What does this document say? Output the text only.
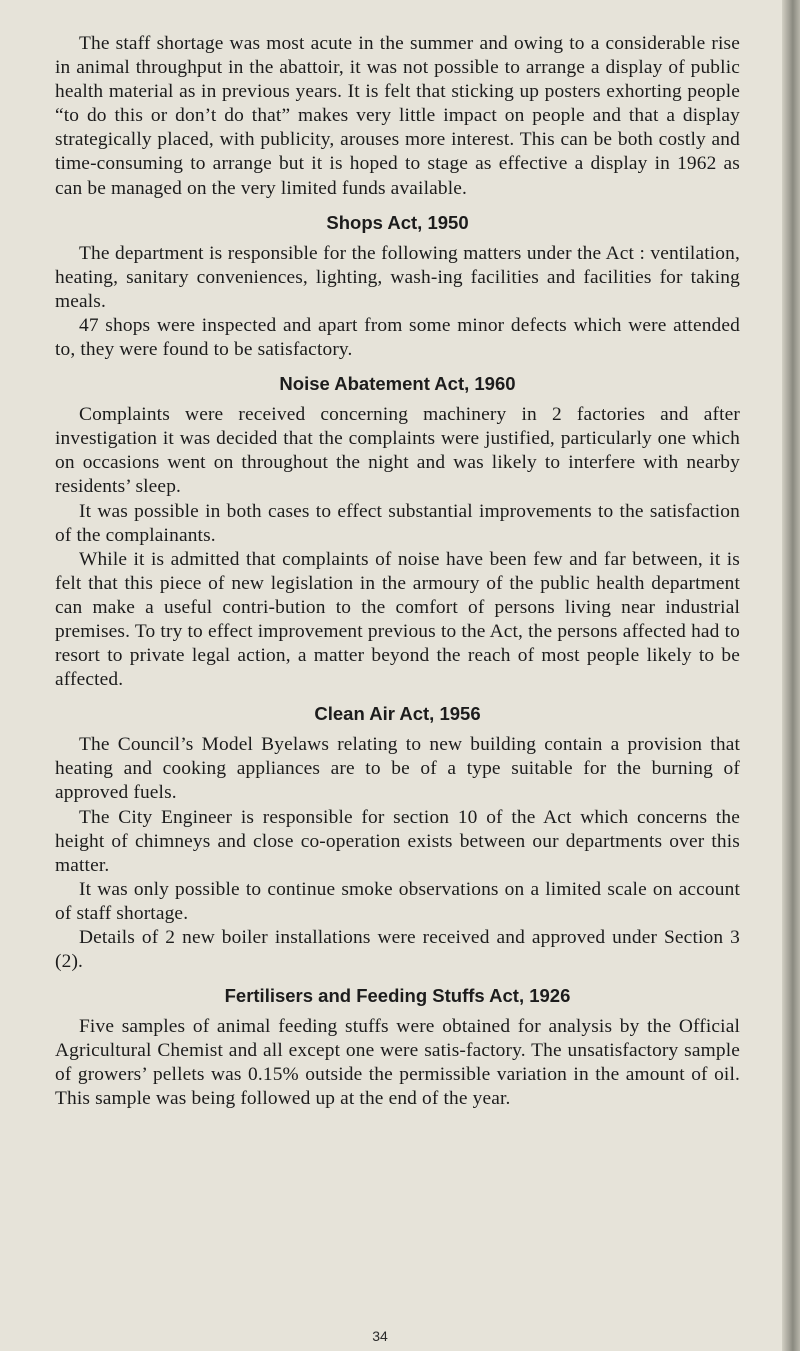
The staff shortage was most acute in the summer and owing to a considerable rise in animal throughput in the abattoir, it was not possible to arrange a display of public health material as in previous years. It is felt that sticking up posters exhorting people “to do this or don’t do that” makes very little impact on people and that a display strategically placed, with publicity, arouses more interest. This can be both costly and time-consuming to arrange but it is hoped to stage as effective a display in 1962 as can be managed on the very limited funds available.

Shops Act, 1950

The department is responsible for the following matters under the Act : ventilation, heating, sanitary conveniences, lighting, wash-ing facilities and facilities for taking meals.

47 shops were inspected and apart from some minor defects which were attended to, they were found to be satisfactory.

Noise Abatement Act, 1960

Complaints were received concerning machinery in 2 factories and after investigation it was decided that the complaints were justified, particularly one which on occasions went on throughout the night and was likely to interfere with nearby residents’ sleep.

It was possible in both cases to effect substantial improvements to the satisfaction of the complainants.

While it is admitted that complaints of noise have been few and far between, it is felt that this piece of new legislation in the armoury of the public health department can make a useful contri-bution to the comfort of persons living near industrial premises. To try to effect improvement previous to the Act, the persons affected had to resort to private legal action, a matter beyond the reach of most people likely to be affected.

Clean Air Act, 1956

The Council’s Model Byelaws relating to new building contain a provision that heating and cooking appliances are to be of a type suitable for the burning of approved fuels.

The City Engineer is responsible for section 10 of the Act which concerns the height of chimneys and close co-operation exists between our departments over this matter.

It was only possible to continue smoke observations on a limited scale on account of staff shortage.

Details of 2 new boiler installations were received and approved under Section 3 (2).

Fertilisers and Feeding Stuffs Act, 1926

Five samples of animal feeding stuffs were obtained for analysis by the Official Agricultural Chemist and all except one were satis-factory. The unsatisfactory sample of growers’ pellets was 0.15% outside the permissible variation in the amount of oil. This sample was being followed up at the end of the year.

34
